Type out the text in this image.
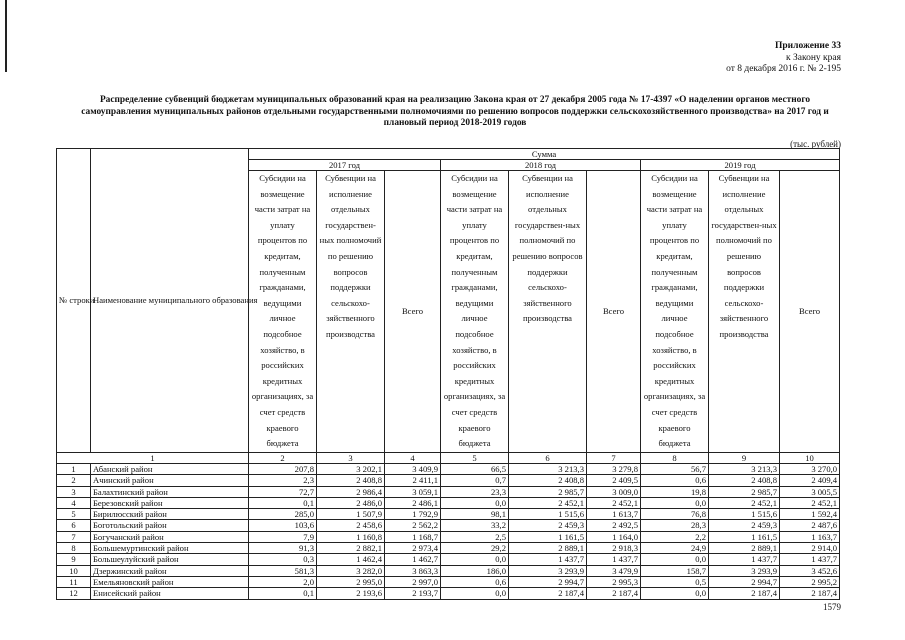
Приложение 33
к Закону края
от 8 декабря 2016 г. № 2-195
Распределение субвенций бюджетам муниципальных образований края на реализацию Закона края от 27 декабря 2005 года № 17-4397 «О наделении органов местного самоуправления муниципальных районов отдельными государственными полномочиями по решению вопросов поддержки сельскохозяйственного производства» на 2017 год и плановый период 2018-2019 годов
(тыс. рублей)
№ строки	Наименование муниципального образования	Сумма								
		2017 год			2018 год			2019 год		
		Субсидии на возмещение части затрат на уплату процентов по кредитам, полученным гражданами, ведущими личное подсобное хозяйство, в российских кредитных организациях, за счет средств краевого бюджета	Субвенции на исполнение отдельных государствен-ных полномочий по решению вопросов поддержки сельскохо-зяйственного производства	Всего	Субсидии на возмещение части затрат на уплату процентов по кредитам, полученным гражданами, ведущими личное подсобное хозяйство, в российских кредитных организациях, за счет средств краевого бюджета	Субвенции на исполнение отдельных государствен-ных полномочий по решению вопросов поддержки сельскохо-зяйственного производства	Всего	Субсидии на возмещение части затрат на уплату процентов по кредитам, полученным гражданами, ведущими личное подсобное хозяйство, в российских кредитных организациях, за счет средств краевого бюджета	Субвенции на исполнение отдельных государствен-ных полномочий по решению вопросов поддержки сельскохо-зяйственного производства	Всего
1		2	3	4	5	6	7	8	9	10
1	Абанский район	207,8	3 202,1	3 409,9	66,5	3 213,3	3 279,8	56,7	3 213,3	3 270,0
2	Ачинский район	2,3	2 408,8	2 411,1	0,7	2 408,8	2 409,5	0,6	2 408,8	2 409,4
3	Балахтинский район	72,7	2 986,4	3 059,1	23,3	2 985,7	3 009,0	19,8	2 985,7	3 005,5
4	Березовский район	0,1	2 486,0	2 486,1	0,0	2 452,1	2 452,1	0,0	2 452,1	2 452,1
5	Бирилюсский район	285,0	1 507,9	1 792,9	98,1	1 515,6	1 613,7	76,8	1 515,6	1 592,4
6	Боготольский район	103,6	2 458,6	2 562,2	33,2	2 459,3	2 492,5	28,3	2 459,3	2 487,6
7	Богучанский район	7,9	1 160,8	1 168,7	2,5	1 161,5	1 164,0	2,2	1 161,5	1 163,7
8	Большемуртинский район	91,3	2 882,1	2 973,4	29,2	2 889,1	2 918,3	24,9	2 889,1	2 914,0
9	Большеулуйский район	0,3	1 462,4	1 462,7	0,0	1 437,7	1 437,7	0,0	1 437,7	1 437,7
10	Дзержинский район	581,3	3 282,0	3 863,3	186,0	3 293,9	3 479,9	158,7	3 293,9	3 452,6
11	Емельяновский район	2,0	2 995,0	2 997,0	0,6	2 994,7	2 995,3	0,5	2 994,7	2 995,2
12	Енисейский район	0,1	2 193,6	2 193,7	0,0	2 187,4	2 187,4	0,0	2 187,4	2 187,4
1579
